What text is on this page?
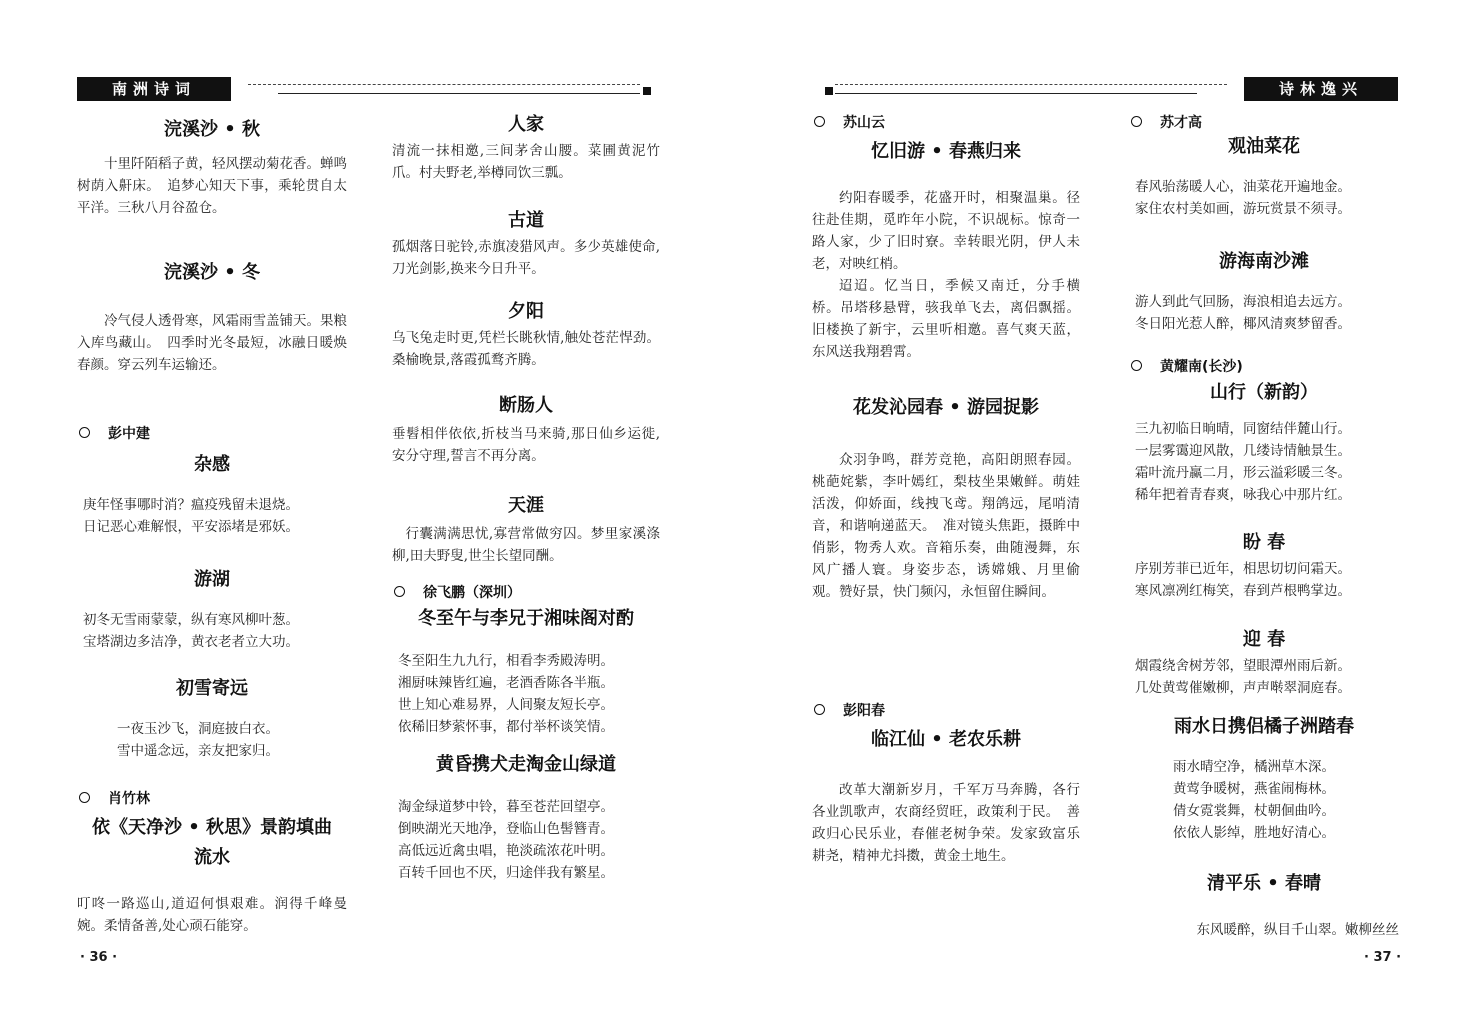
南洲诗词
浣溪沙 • 秋
十里阡陌稻子黄，轻风摆动菊花香。蝉鸣树荫入鼾床。　追梦心知天下事，乘轮贯自太平洋。三秋八月谷盈仓。
浣溪沙 • 冬
冷气侵人透骨寒，风霜雨雪盖铺天。果粮入库鸟藏山。　四季时光冬最短，冰融日暖焕春颜。穿云列车运输还。
彭中建
杂感
庚年怪事哪时消？瘟疫残留未退烧。
日记恶心难解恨，平安添堵是邪妖。
游湖
初冬无雪雨蒙蒙，纵有寒风柳叶葱。
宝塔湖边多洁净，黄衣老者立大功。
初雪寄远
一夜玉沙飞，洞庭披白衣。
雪中遥念远，亲友把家归。
肖竹林
依《天净沙 • 秋思》景韵填曲
流水
叮咚一路巡山,道迢何惧艰难。润得千峰曼婉。柔情备善,处心顽石能穿。
人家
清流一抹相邀,三间茅舍山腰。菜圃黄泥竹爪。村夫野老,举樽同饮三瓢。
古道
孤烟落日驼铃,赤旗凌猎风声。多少英雄使命,刀光剑影,换来今日升平。
夕阳
乌飞兔走时更,凭栏长眺秋情,触处苍茫悍劲。桑榆晚景,落霞孤鹜齐腾。
断肠人
垂髫相伴依依,折枝当马来骑,那日仙乡运徙,安分守理,誓言不再分离。
天涯
行囊满满思忧,寡营常做穷囚。梦里家溪涤柳,田夫野叟,世尘长望同酬。
徐飞鹏（深圳）
冬至午与李兄于湘味阁对酌
冬至阳生九九行，相看李秀殿涛明。
湘厨味辣皆红遍，老酒香陈各半瓶。
世上知心难易界，人间聚友短长亭。
依稀旧梦萦怀事，都付举杯谈笑情。
黄昏携犬走淘金山绿道
淘金绿道梦中铃，暮至苍茫回望亭。
倒映湖光天地净，登临山色髻簪青。
高低远近禽虫唱，艳淡疏浓花叶明。
百转千回也不厌，归途伴我有繁星。
· 36 ·
诗林逸兴
苏山云
忆旧游 • 春燕归来
约阳春暖季，花盛开时，相聚温巢。径往赴佳期，觅昨年小院，不识觇标。惊奇一路人家，少了旧时寮。幸转眼光阴，伊人未老，对映红梢。
迢迢。忆当日，季候又南迁，分手横桥。吊塔移悬臂，骇我单飞去，离侣飘摇。旧楼换了新宇，云里听相邀。喜气爽天蓝，东风送我翔碧霄。
花发沁园春 • 游园捉影
众羽争鸣，群芳竞艳，高阳朗照春园。桃葩姹紫，李叶嫣红，梨枝坐果嫩鲜。萌娃活泼，仰娇面，线拽飞鸢。翔鸽远，尾哨清音，和谐响递蓝天。　准对镜头焦距，摄眸中俏影，物秀人欢。音箱乐奏，曲随漫舞，东风广播人寰。身姿步态，诱嫦娥、月里偷观。赞好景，快门频闪，永恒留住瞬间。
彭阳春
临江仙 • 老农乐耕
改革大潮新岁月，千军万马奔腾，各行各业凯歌声，农商经贸旺，政策利于民。　善政归心民乐业，春催老树争荣。发家致富乐耕尧，精神尤抖擞，黄金土地生。
苏才高
观油菜花
春风骀荡暖人心，油菜花开遍地金。
家住农村美如画，游玩赏景不须寻。
游海南沙滩
游人到此气回肠，海浪相追去远方。
冬日阳光惹人醉，椰风清爽梦留香。
黄耀南(长沙)
山行（新韵）
三九初临日晌晴，同窗结伴麓山行。
一层雾霭迎风散，几缕诗情触景生。
霜叶流丹赢二月，形云溢彩暖三冬。
稀年把着青春爽，咏我心中那片红。
盼 春
序别芳菲已近年，相思切切问霜天。
寒风凛冽红梅笑，春到芦根鸭掌边。
迎 春
烟霞绕舍树芳邻，望眼潭州雨后新。
几处黄莺催嫩柳，声声啭翠洞庭春。
雨水日携侣橘子洲踏春
雨水晴空净，橘洲草木深。
黄莺争暖树，燕雀闹梅林。
倩女霓裳舞，杖朝佪曲吟。
依依人影绰，胜地好清心。
清平乐 • 春晴
东风暖醉，纵目千山翠。嫩柳丝丝
· 37 ·
